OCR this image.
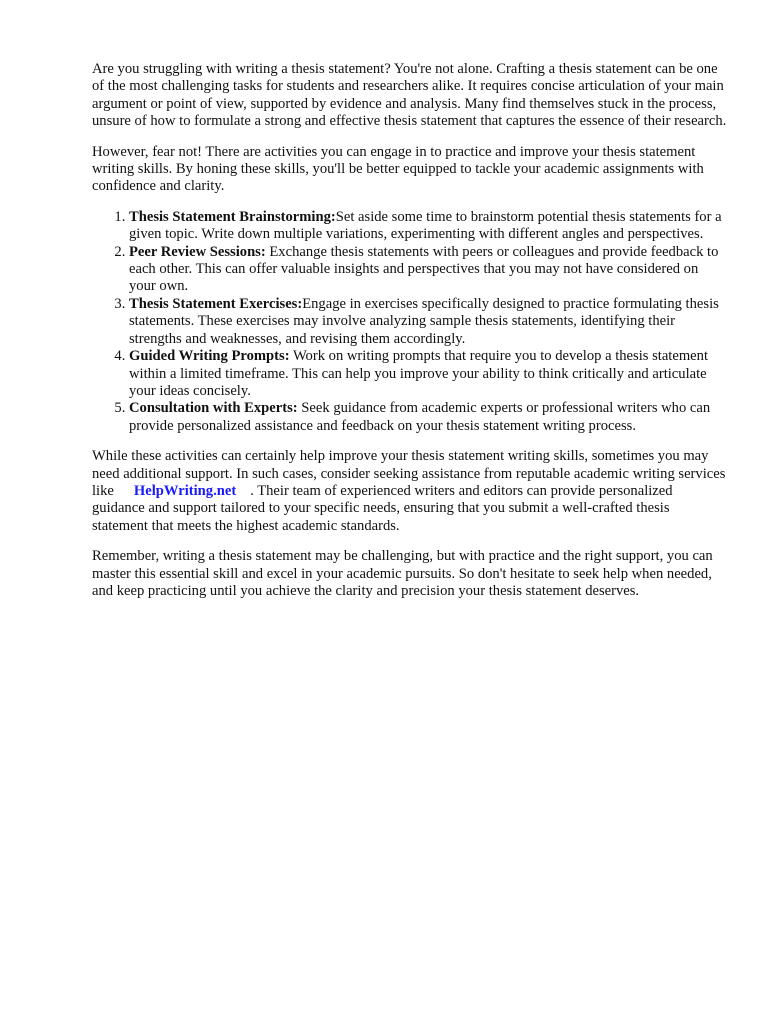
Are you struggling with writing a thesis statement? You're not alone. Crafting a thesis statement can be one of the most challenging tasks for students and researchers alike. It requires concise articulation of your main argument or point of view, supported by evidence and analysis. Many find themselves stuck in the process, unsure of how to formulate a strong and effective thesis statement that captures the essence of their research.

However, fear not! There are activities you can engage in to practice and improve your thesis statement writing skills. By honing these skills, you'll be better equipped to tackle your academic assignments with confidence and clarity.

1. Thesis Statement Brainstorming:Set aside some time to brainstorm potential thesis statements for a given topic. Write down multiple variations, experimenting with different angles and perspectives.
2. Peer Review Sessions: Exchange thesis statements with peers or colleagues and provide feedback to each other. This can offer valuable insights and perspectives that you may not have considered on your own.
3. Thesis Statement Exercises:Engage in exercises specifically designed to practice formulating thesis statements. These exercises may involve analyzing sample thesis statements, identifying their strengths and weaknesses, and revising them accordingly.
4. Guided Writing Prompts: Work on writing prompts that require you to develop a thesis statement within a limited timeframe. This can help you improve your ability to think critically and articulate your ideas concisely.
5. Consultation with Experts: Seek guidance from academic experts or professional writers who can provide personalized assistance and feedback on your thesis statement writing process.

While these activities can certainly help improve your thesis statement writing skills, sometimes you may need additional support. In such cases, consider seeking assistance from reputable academic writing services like HelpWriting.net . Their team of experienced writers and editors can provide personalized guidance and support tailored to your specific needs, ensuring that you submit a well-crafted thesis statement that meets the highest academic standards.

Remember, writing a thesis statement may be challenging, but with practice and the right support, you can master this essential skill and excel in your academic pursuits. So don't hesitate to seek help when needed, and keep practicing until you achieve the clarity and precision your thesis statement deserves.
